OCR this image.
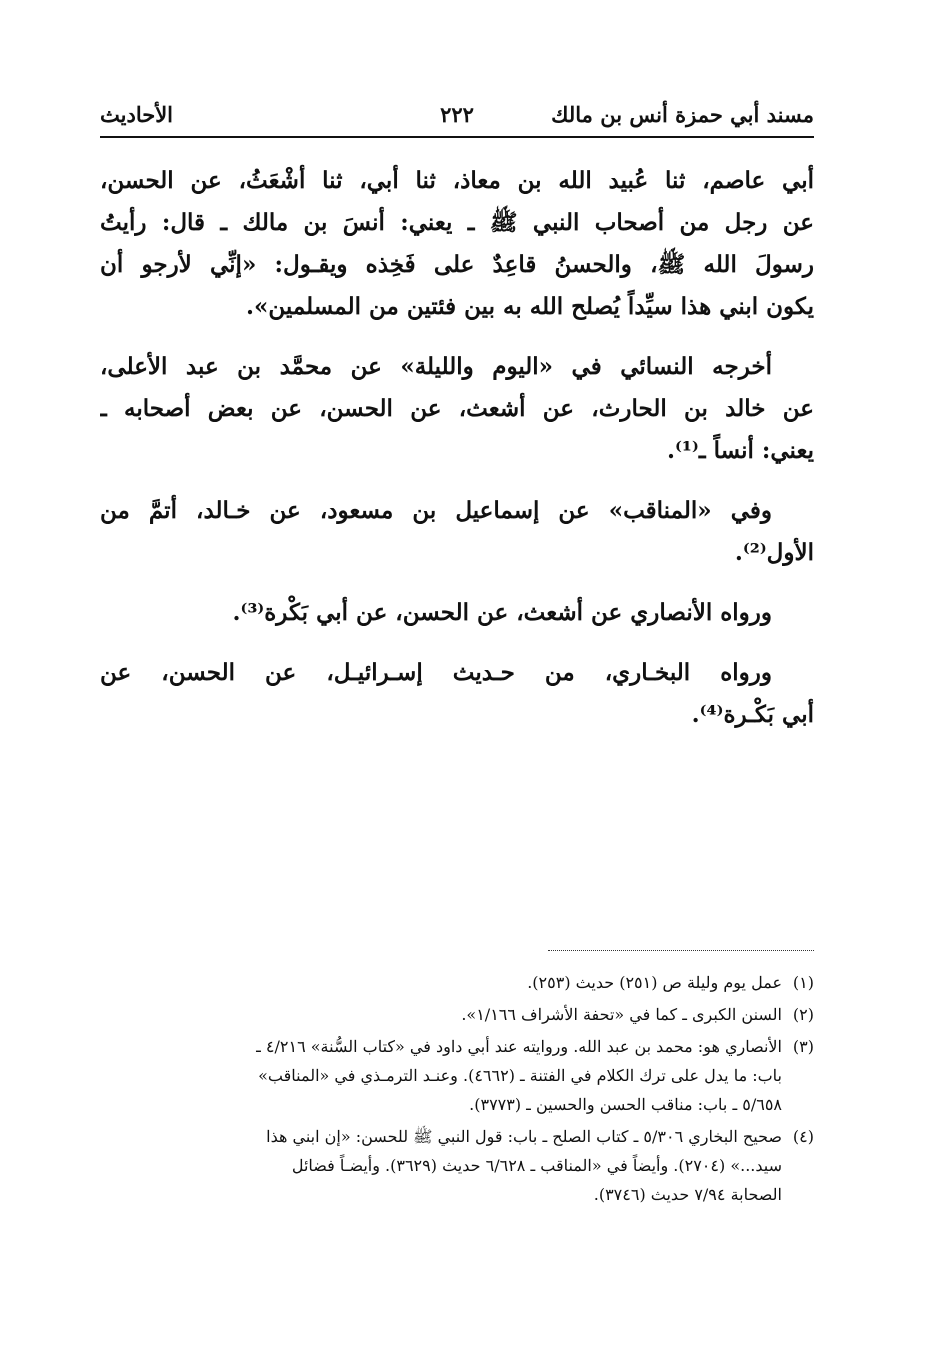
مسند أبي حمزة أنس بن مالك
٢٢٢
الأحاديث
أبي عاصم، ثنا عُبيد الله بن معاذ، ثنا أبي، ثنا أشْعَثُ، عن الحسن،
عن رجل من أصحاب النبي ﷺ ـ يعني: أنسَ بن مالك ـ قال: رأيتُ
رسولَ الله ﷺ، والحسنُ قاعِدٌ على فَخِذه ويقـول: «إنِّي لأرجو أن
يكون ابني هذا سيِّداً يُصلح الله به بين فئتين من المسلمين».
أخرجه النسائي في «اليوم والليلة» عن محمَّد بن عبد الأعلى،
عن خالد بن الحارث، عن أشعث، عن الحسن، عن بعض أصحابه ـ
يعني: أنساً ـ⁽¹⁾.
وفي «المناقب» عن إسماعيل بن مسعود، عن خـالد، أتمَّ من
الأول⁽²⁾.
ورواه الأنصاري عن أشعث، عن الحسن، عن أبي بَكْرة⁽³⁾.
ورواه البخـاري، من حـديث إسـرائيـل، عن الحسن، عن
أبي بَكْـرة⁽⁴⁾.
(١)عمل يوم وليلة ص (٢٥١) حديث (٢٥٣).
(٢)السنن الكبرى ـ كما في «تحفة الأشراف ١/١٦٦».
(٣)الأنصاري هو: محمد بن عبد الله. وروايته عند أبي داود في «كتاب السُّنة» ٤/٢١٦ ـ
باب: ما يدل على ترك الكلام في الفتنة ـ (٤٦٦٢). وعنـد الترمـذي في «المناقب»
٥/٦٥٨ ـ باب: مناقب الحسن والحسين ـ (٣٧٧٣).
(٤)صحيح البخاري ٥/٣٠٦ ـ كتاب الصلح ـ باب: قول النبي ﷺ للحسن: «إن ابني هذا
سيد...» (٢٧٠٤). وأيضاً في «المناقب ـ ٦/٦٢٨ حديث (٣٦٢٩). وأيضـاً فضائل
الصحابة ٧/٩٤ حديث (٣٧٤٦).
